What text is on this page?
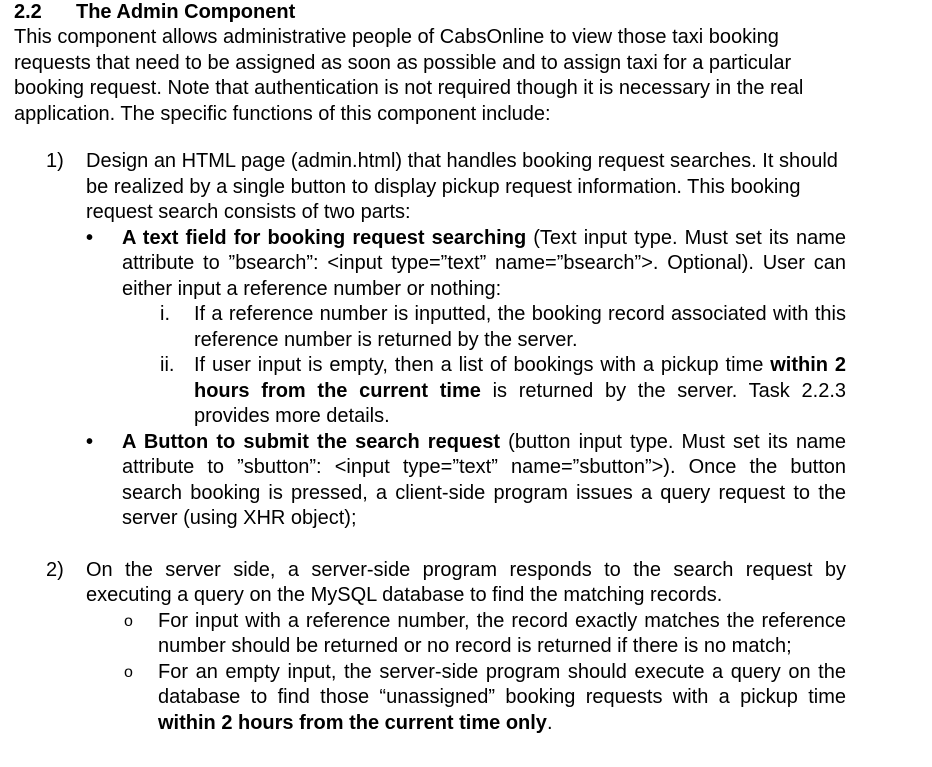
2.2 The Admin Component

This component allows administrative people of CabsOnline to view those taxi booking requests that need to be assigned as soon as possible and to assign taxi for a particular booking request. Note that authentication is not required though it is necessary in the real application. The specific functions of this component include:

1) Design an HTML page (admin.html) that handles booking request searches. It should be realized by a single button to display pickup request information. This booking request search consists of two parts:
• A text field for booking request searching (Text input type. Must set its name attribute to ”bsearch”: <input type=”text” name=”bsearch”>. Optional). User can either input a reference number or nothing:
i. If a reference number is inputted, the booking record associated with this reference number is returned by the server.
ii. If user input is empty, then a list of bookings with a pickup time within 2 hours from the current time is returned by the server. Task 2.2.3 provides more details.
• A Button to submit the search request (button input type. Must set its name attribute to ”sbutton”: <input type=”text” name=”sbutton”>). Once the button search booking is pressed, a client-side program issues a query request to the server (using XHR object);
2) On the server side, a server-side program responds to the search request by executing a query on the MySQL database to find the matching records.
o For input with a reference number, the record exactly matches the reference number should be returned or no record is returned if there is no match;
o For an empty input, the server-side program should execute a query on the database to find those “unassigned” booking requests with a pickup time within 2 hours from the current time only.
